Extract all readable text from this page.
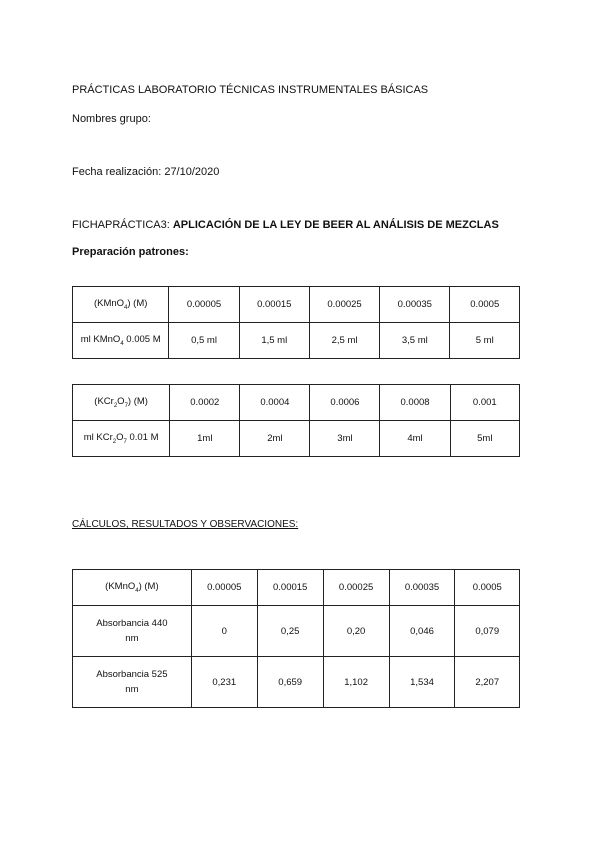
PRÁCTICAS LABORATORIO TÉCNICAS INSTRUMENTALES BÁSICAS
Nombres grupo:
Fecha realización: 27/10/2020
FICHAPRÁCTICA3: APLICACIÓN DE LA LEY DE BEER AL ANÁLISIS DE MEZCLAS
Preparación patrones:
(KMnO$_4$) (M)	0.00005	0.00015	0.00025	0.00035	0.0005
ml KMnO$_4$ 0.005 M	0,5 ml	1,5 ml	2,5 ml	3,5 ml	5 ml
$(KCr_2O_7)$ (M)	0.0002	0.0004	0.0006	0.0008	0.001
ml $KCr_2O_7$ 0.01 M	1ml	2ml	3ml	4ml	5ml
CÁLCULOS, RESULTADOS Y OBSERVACIONES:
(KMnO$_4$) (M)	0.00005	0.00015	0.00025	0.00035	0.0005
Absorbancia 440 nm	0	0,25	0,20	0,046	0,079
Absorbancia 525 nm	0,231	0,659	1,102	1,534	2,207
